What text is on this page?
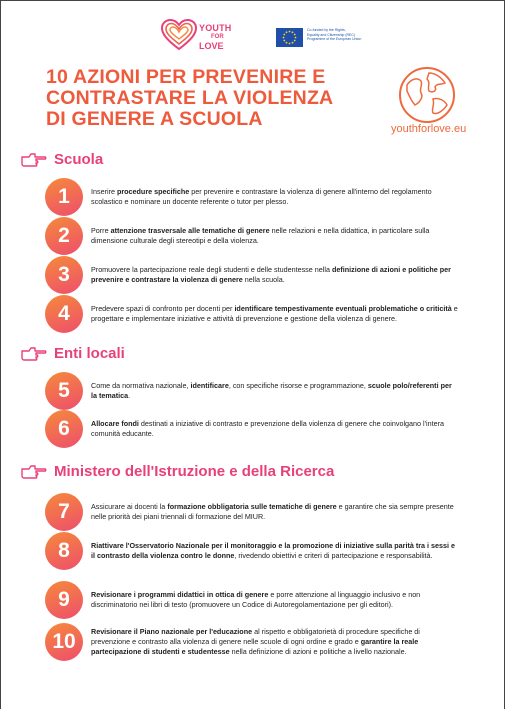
YOUTH
FOR
LOVE
Co-funded by the Rights,
Equality and Citizenship (REC)
Programme of the European Union
10 AZIONI PER PREVENIRE E
CONTRASTARE LA VIOLENZA
DI GENERE A SCUOLA	youthforlove.eu
Scuola
1	Inserire procedure specifiche per prevenire e contrastare la violenza di genere all'interno del regolamento scolastico e nominare un docente referente o tutor per plesso.
2	Porre attenzione trasversale alle tematiche di genere nelle relazioni e nella didattica, in particolare sulla dimensione culturale degli stereotipi e della violenza.
3	Promuovere la partecipazione reale degli studenti e delle studentesse nella definizione di azioni e politiche per prevenire e contrastare la violenza di genere nella scuola.
4	Predevere spazi di confronto per docenti per identificare tempestivamente eventuali problematiche o criticità e progettare e implementare iniziative e attività di prevenzione e gestione della violenza di genere.
Enti locali
5	Come da normativa nazionale, identificare, con specifiche risorse e programmazione, scuole polo/referenti per la tematica.
6	Allocare fondi destinati a iniziative di contrasto e prevenzione della violenza di genere che coinvolgano l'intera comunità educante.
Ministero dell'Istruzione e della Ricerca
7	Assicurare ai docenti la formazione obbligatoria sulle tematiche di genere e garantire che sia sempre presente nelle priorità dei piani triennali di formazione del MIUR.
8	Riattivare l'Osservatorio Nazionale per il monitoraggio e la promozione di iniziative sulla parità tra i sessi e il contrasto della violenza contro le donne, rivedendo obiettivi e criteri di partecipazione e responsabilità.
9	Revisionare i programmi didattici in ottica di genere e porre attenzione al linguaggio inclusivo e non discriminatorio nei libri di testo (promuovere un Codice di Autoregolamentazione per gli editori).
10	Revisionare il Piano nazionale per l'educazione al rispetto e obbligatorietà di procedure specifiche di prevenzione e contrasto alla violenza di genere nelle scuole di ogni ordine e grado e garantire la reale partecipazione di studenti e studentesse nella definizione di azioni e politiche a livello nazionale.
